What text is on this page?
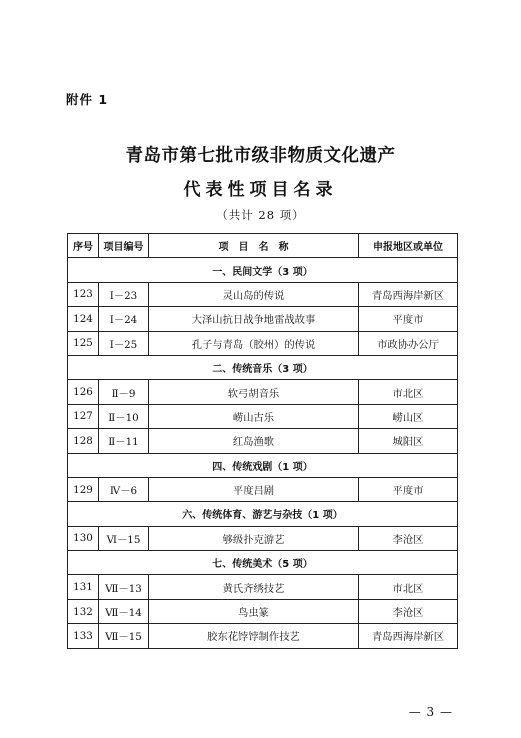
附件 1
青岛市第七批市级非物质文化遗产
代表性项目名录
（共计 28 项）
序号	项目编号	项　目　名　称	申报地区或单位
一、民间文学（3 项）			
123	Ⅰ－23	灵山岛的传说	青岛西海岸新区
124	Ⅰ－24	大泽山抗日战争地雷战故事	平度市
125	Ⅰ－25	孔子与青岛（胶州）的传说	市政协办公厅
二、传统音乐（3 项）			
126	Ⅱ－9	软弓胡音乐	市北区
127	Ⅱ－10	崂山古乐	崂山区
128	Ⅱ－11	红岛渔歌	城阳区
四、传统戏剧（1 项）			
129	Ⅳ－6	平度吕剧	平度市
六、传统体育、游艺与杂技（1 项）			
130	Ⅵ－15	够级扑克游艺	李沧区
七、传统美术（5 项）			
131	Ⅶ－13	黄氏齐绣技艺	市北区
132	Ⅶ－14	鸟虫篆	李沧区
133	Ⅶ－15	胶东花饽饽制作技艺	青岛西海岸新区
— 3 —
